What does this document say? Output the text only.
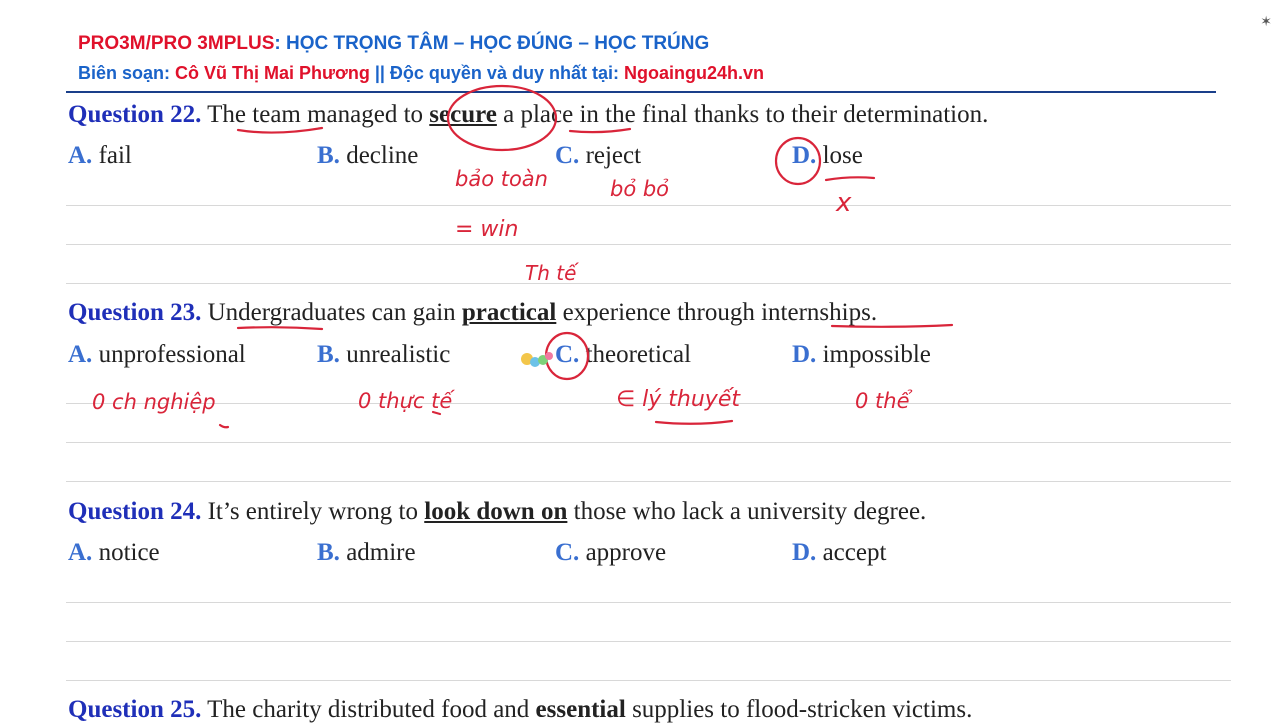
PRO3M/PRO 3MPLUS: HỌC TRỌNG TÂM – HỌC ĐÚNG – HỌC TRÚNG
Biên soạn: Cô Vũ Thị Mai Phương || Độc quyền và duy nhất tại: Ngoaingu24h.vn
✶
Question 22. The team managed to secure a place in the final thanks to their determination.
A. fail	B. decline	C. reject	D. lose
Question 23. Undergraduates can gain practical experience through internships.
A. unprofessional	B. unrealistic	C. theoretical	D. impossible
Question 24. It’s entirely wrong to look down on those who lack a university degree.
A. notice	B. admire	C. approve	D. accept
Question 25. The charity distributed food and essential supplies to flood-stricken victims.
bảo toàn
= win
Th tế
bỏ bỏ	x
0 ch nghiệp	0 thực tế	∈ lý thuyết	0 thể
